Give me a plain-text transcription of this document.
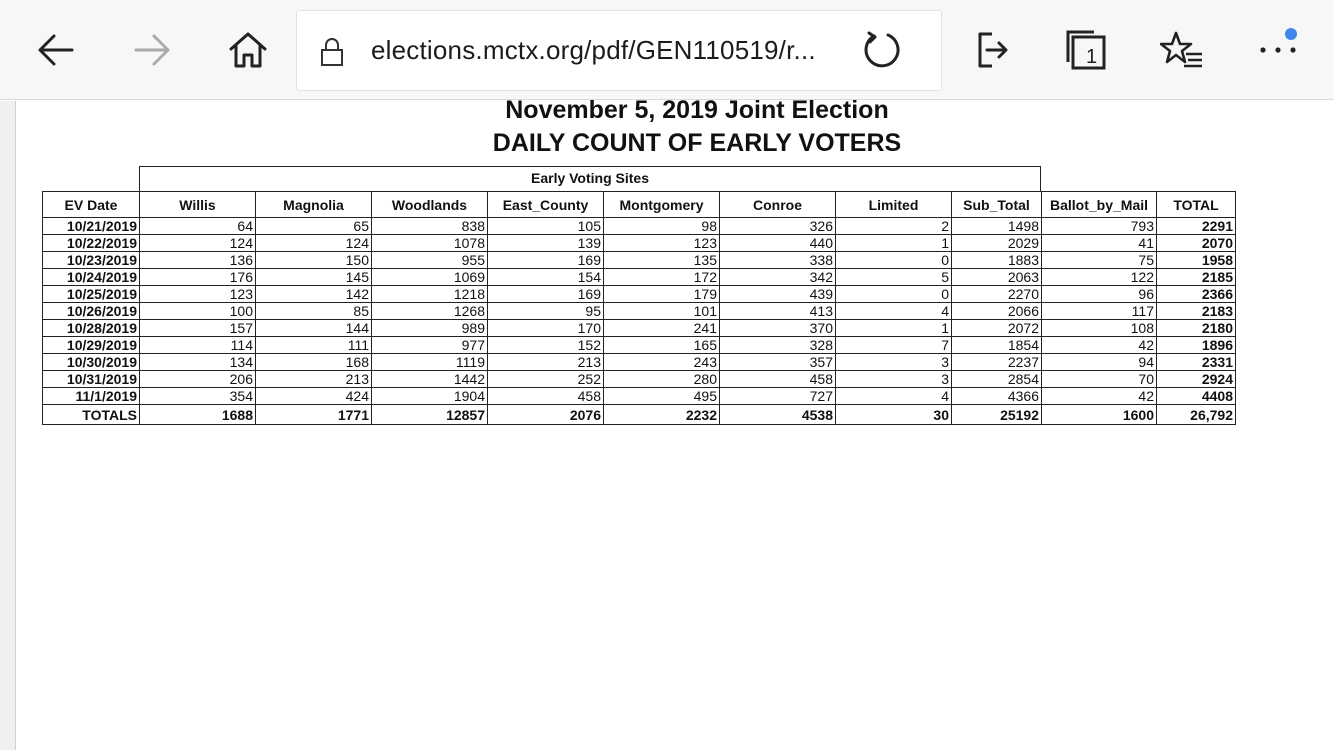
elections.mctx.org/pdf/GEN110519/r...	1
November 5, 2019 Joint Election
DAILY COUNT OF EARLY VOTERS
Early Voting Sites
EV Date	Willis	Magnolia	Woodlands	East_County	Montgomery	Conroe	Limited	Sub_Total	Ballot_by_Mail	TOTAL
10/21/2019	64	65	838	105	98	326	2	1498	793	2291
10/22/2019	124	124	1078	139	123	440	1	2029	41	2070
10/23/2019	136	150	955	169	135	338	0	1883	75	1958
10/24/2019	176	145	1069	154	172	342	5	2063	122	2185
10/25/2019	123	142	1218	169	179	439	0	2270	96	2366
10/26/2019	100	85	1268	95	101	413	4	2066	117	2183
10/28/2019	157	144	989	170	241	370	1	2072	108	2180
10/29/2019	114	111	977	152	165	328	7	1854	42	1896
10/30/2019	134	168	1119	213	243	357	3	2237	94	2331
10/31/2019	206	213	1442	252	280	458	3	2854	70	2924
11/1/2019	354	424	1904	458	495	727	4	4366	42	4408
TOTALS	1688	1771	12857	2076	2232	4538	30	25192	1600	26,792
